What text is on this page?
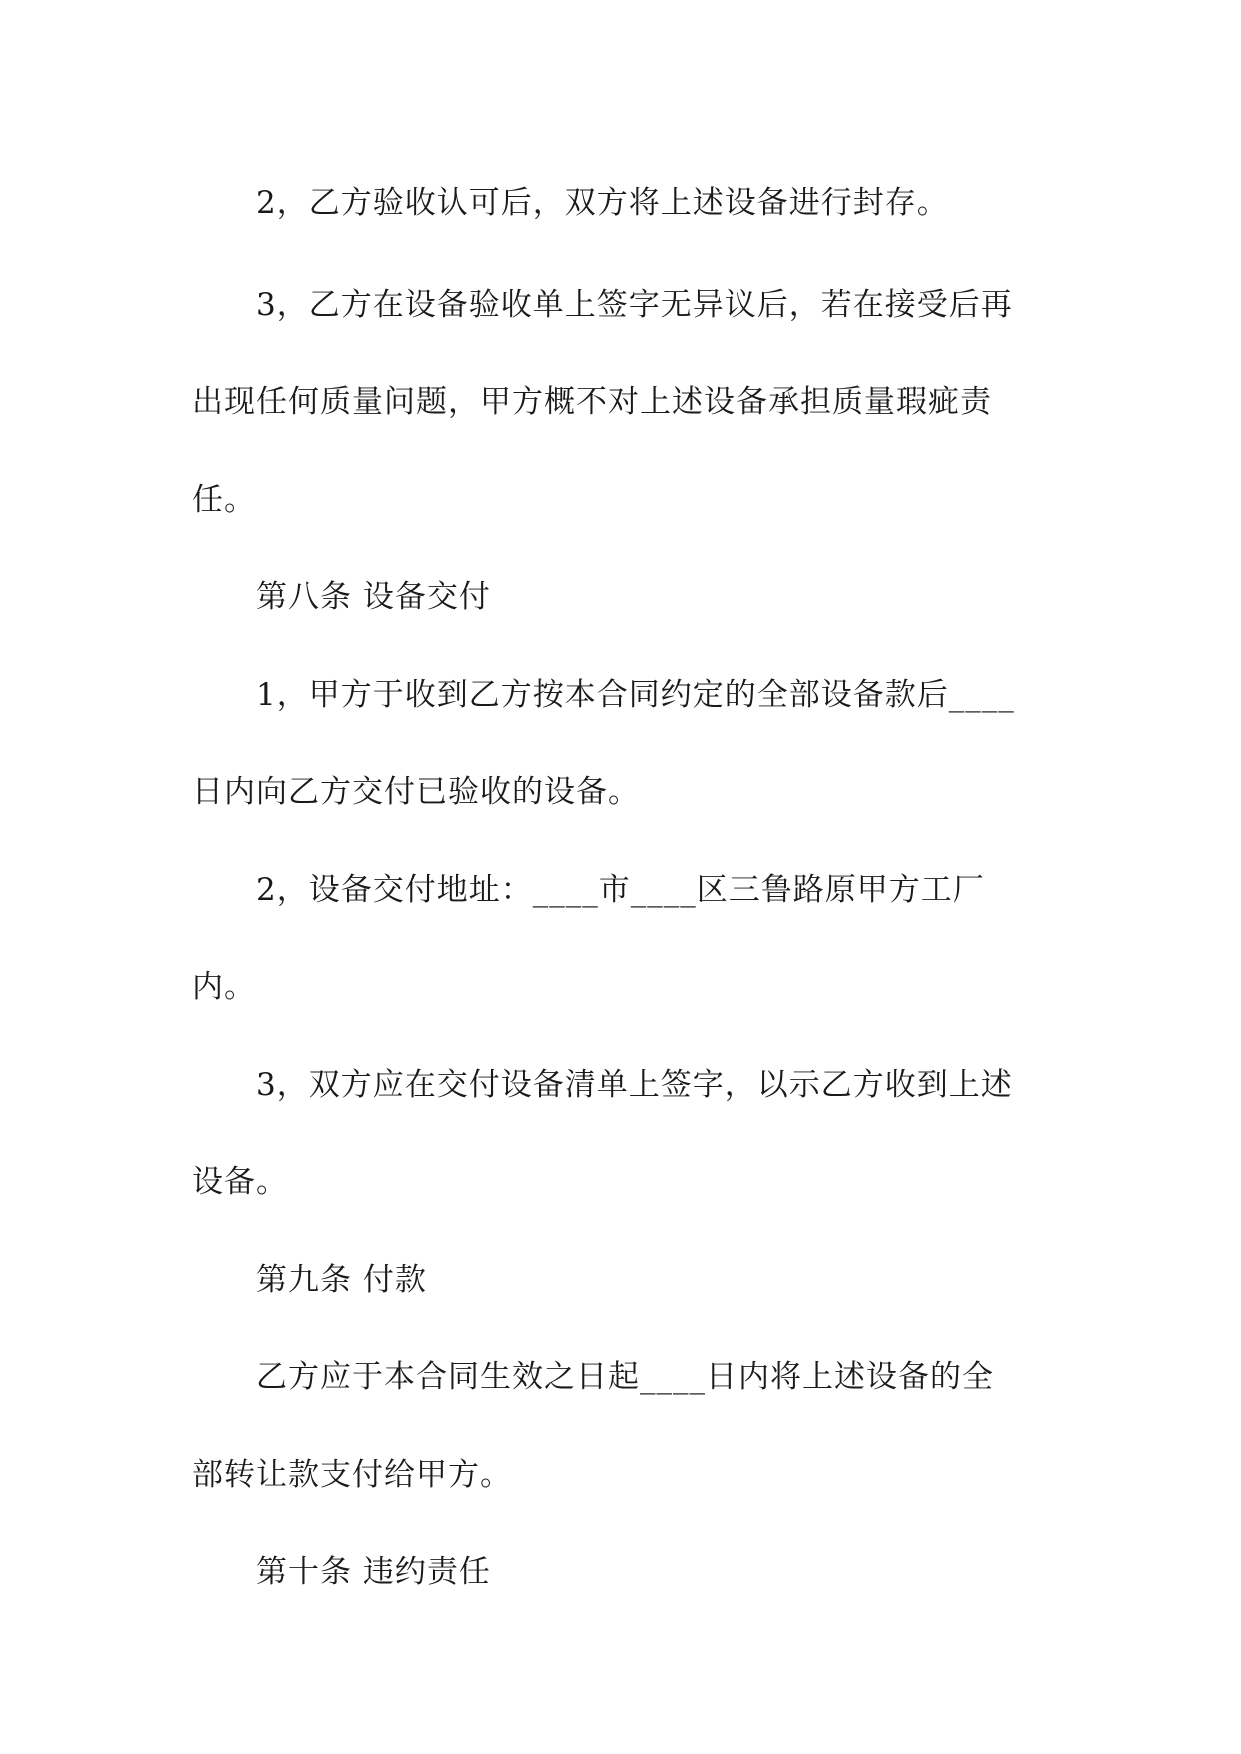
2，乙方验收认可后，双方将上述设备进行封存。
3，乙方在设备验收单上签字无异议后，若在接受后再
出现任何质量问题，甲方概不对上述设备承担质量瑕疵责
任。
第八条 设备交付
1，甲方于收到乙方按本合同约定的全部设备款后____
日内向乙方交付已验收的设备。
2，设备交付地址：____市____区三鲁路原甲方工厂
内。
3，双方应在交付设备清单上签字，以示乙方收到上述
设备。
第九条 付款
乙方应于本合同生效之日起____日内将上述设备的全
部转让款支付给甲方。
第十条 违约责任
